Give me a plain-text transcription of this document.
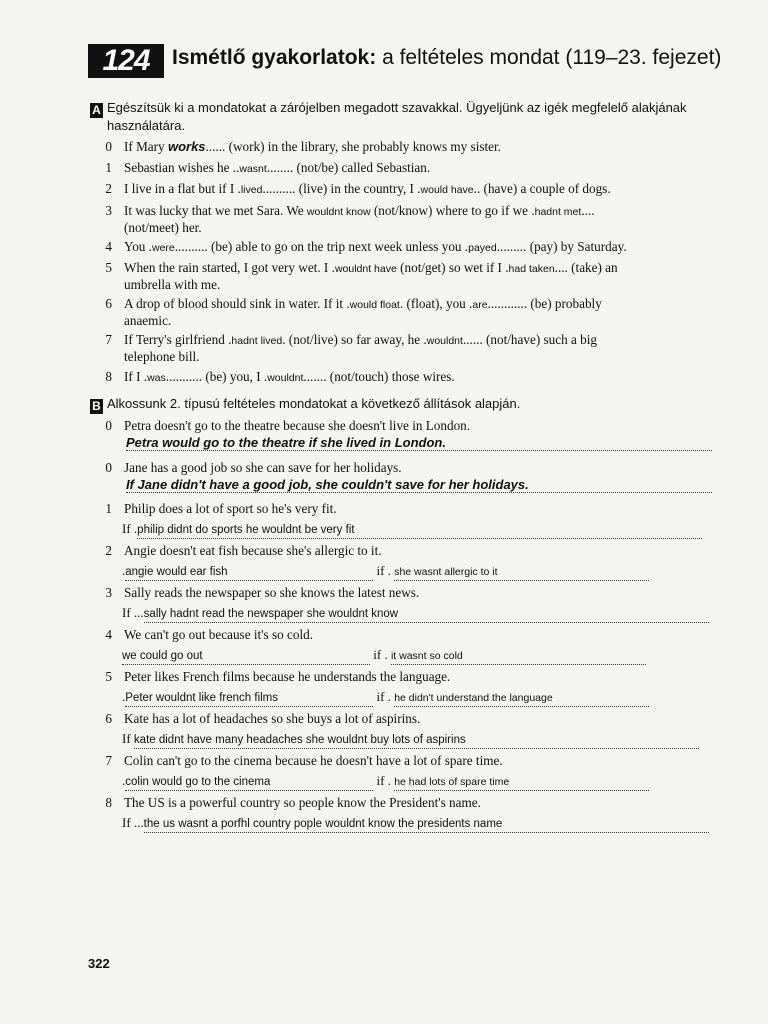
124	Ismétlő gyakorlatok: a feltételes mondat (119–23. fejezet)
A Egészítsük ki a mondatokat a zárójelben megadott szavakkal. Ügyeljünk az igék megfelelő alakjának
használatára.
0 If Mary works...... (work) in the library, she probably knows my sister.
1 Sebastian wishes he ..wasnt........ (not/be) called Sebastian.
2 I live in a flat but if I .lived.......... (live) in the country, I .would have.. (have) a couple of dogs.
3 It was lucky that we met Sara. We wouldnt know (not/know) where to go if we .hadnt met....
(not/meet) her.
4 You .were.......... (be) able to go on the trip next week unless you .payed......... (pay) by Saturday.
5 When the rain started, I got very wet. I .wouldnt have (not/get) so wet if I .had taken.... (take) an
umbrella with me.
6 A drop of blood should sink in water. If it .would float. (float), you .are............ (be) probably
anaemic.
7 If Terry's girlfriend .hadnt lived. (not/live) so far away, he .wouldnt...... (not/have) such a big
telephone bill.
8 If I .was........... (be) you, I .wouldnt....... (not/touch) those wires.
B Alkossunk 2. típusú feltételes mondatokat a következő állítások alapján.
0 Petra doesn't go to the theatre because she doesn't live in London.
Petra would go to the theatre if she lived in London.
0 Jane has a good job so she can save for her holidays.
If Jane didn't have a good job, she couldn't save for her holidays.
1 Philip does a lot of sport so he's very fit.
If .philip didnt do sports he wouldnt be very fit
2 Angie doesn't eat fish because she's allergic to it.
.angie would ear fish	if . she wasnt allergic to it
3 Sally reads the newspaper so she knows the latest news.
If ...sally hadnt read the newspaper she wouldnt know
4 We can't go out because it's so cold.
we could go out	if . it wasnt so cold
5 Peter likes French films because he understands the language.
.Peter wouldnt like french films	if . he didn't understand the language
6 Kate has a lot of headaches so she buys a lot of aspirins.
If kate didnt have many headaches she wouldnt buy lots of aspirins
7 Colin can't go to the cinema because he doesn't have a lot of spare time.
.colin would go to the cinema	if . he had lots of spare time
8 The US is a powerful country so people know the President's name.
If ...the us wasnt a porfhl country pople wouldnt know the presidents name
322
